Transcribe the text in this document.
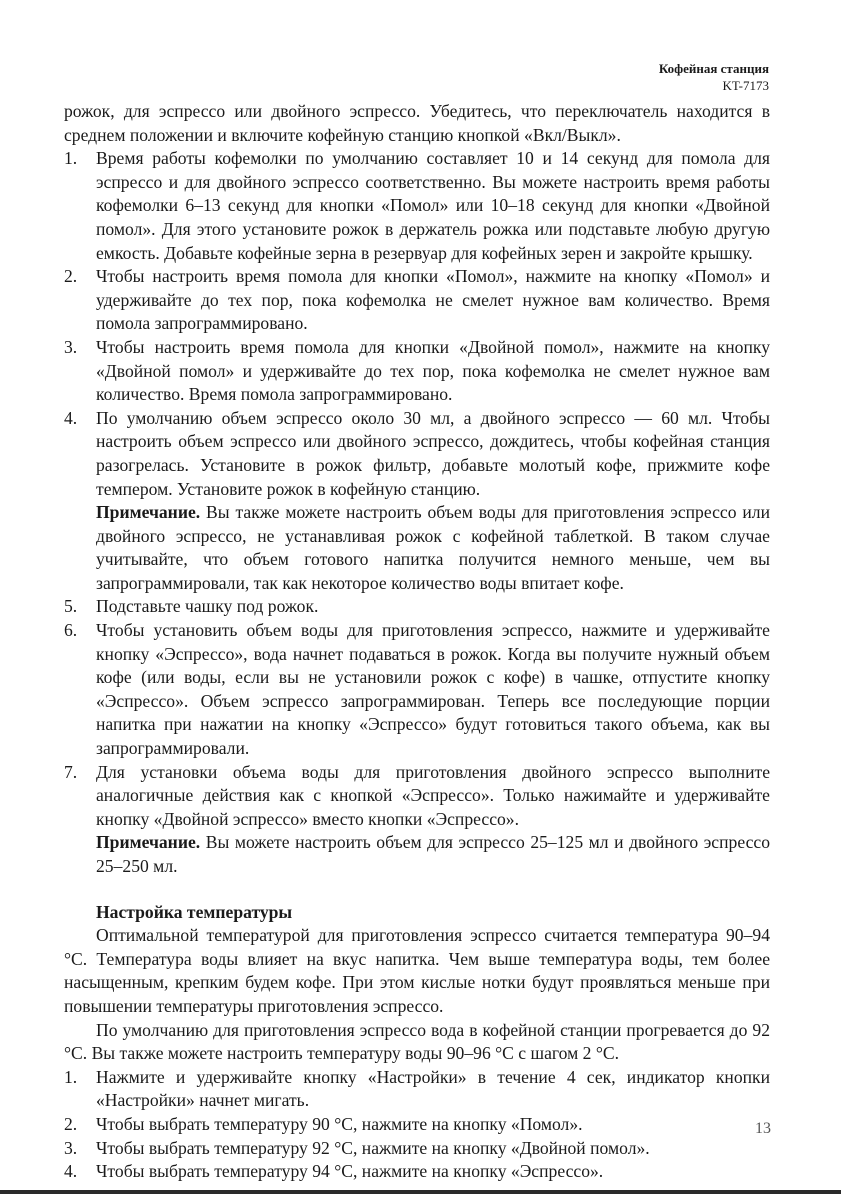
Кофейная станция
KT-7173

рожок, для эспрессо или двойного эспрессо. Убедитесь, что переключатель находится в среднем положении и включите кофейную станцию кнопкой «Вкл/Выкл».

1.	Время работы кофемолки по умолчанию составляет 10 и 14 секунд для помола для эспрессо и для двойного эспрессо соответственно. Вы можете настроить время работы кофемолки 6–13 секунд для кнопки «Помол» или 10–18 секунд для кнопки «Двойной помол». Для этого установите рожок в держатель рожка или подставьте любую другую емкость. Добавьте кофейные зерна в резервуар для кофейных зерен и закройте крышку.
2.	Чтобы настроить время помола для кнопки «Помол», нажмите на кнопку «Помол» и удерживайте до тех пор, пока кофемолка не смелет нужное вам количество. Время помола запрограммировано.
3.	Чтобы настроить время помола для кнопки «Двойной помол», нажмите на кнопку «Двойной помол» и удерживайте до тех пор, пока кофемолка не смелет нужное вам количество. Время помола запрограммировано.
4.	По умолчанию объем эспрессо около 30 мл, а двойного эспрессо — 60 мл. Чтобы настроить объем эспрессо или двойного эспрессо, дождитесь, чтобы кофейная станция разогрелась. Установите в рожок фильтр, добавьте молотый кофе, прижмите кофе темпером. Установите рожок в кофейную станцию.

Примечание. Вы также можете настроить объем воды для приготовления эспрессо или двойного эспрессо, не устанавливая рожок с кофейной таблеткой. В таком случае учитывайте, что объем готового напитка получится немного меньше, чем вы запрограммировали, так как некоторое количество воды впитает кофе.

5.	Подставьте чашку под рожок.
6.	Чтобы установить объем воды для приготовления эспрессо, нажмите и удерживайте кнопку «Эспрессо», вода начнет подаваться в рожок. Когда вы получите нужный объем кофе (или воды, если вы не установили рожок с кофе) в чашке, отпустите кнопку «Эспрессо». Объем эспрессо запрограммирован. Теперь все последующие порции напитка при нажатии на кнопку «Эспрессо» будут готовиться такого объема, как вы запрограммировали.
7.	Для установки объема воды для приготовления двойного эспрессо выполните аналогичные действия как с кнопкой «Эспрессо». Только нажимайте и удерживайте кнопку «Двойной эспрессо» вместо кнопки «Эспрессо».

Примечание. Вы можете настроить объем для эспрессо 25–125 мл и двойного эспрессо 25–250 мл.

Настройка температуры

Оптимальной температурой для приготовления эспрессо считается температура 90–94 °C. Температура воды влияет на вкус напитка. Чем выше температура воды, тем более насыщенным, крепким будем кофе. При этом кислые нотки будут проявляться меньше при повышении температуры приготовления эспрессо.

По умолчанию для приготовления эспрессо вода в кофейной станции прогревается до 92 °C. Вы также можете настроить температуру воды 90–96 °C с шагом 2 °C.

1.	Нажмите и удерживайте кнопку «Настройки» в течение 4 сек, индикатор кнопки «Настройки» начнет мигать.
2.	Чтобы выбрать температуру 90 °C, нажмите на кнопку «Помол».
3.	Чтобы выбрать температуру 92 °C, нажмите на кнопку «Двойной помол».
4.	Чтобы выбрать температуру 94 °C, нажмите на кнопку «Эспрессо».
13
